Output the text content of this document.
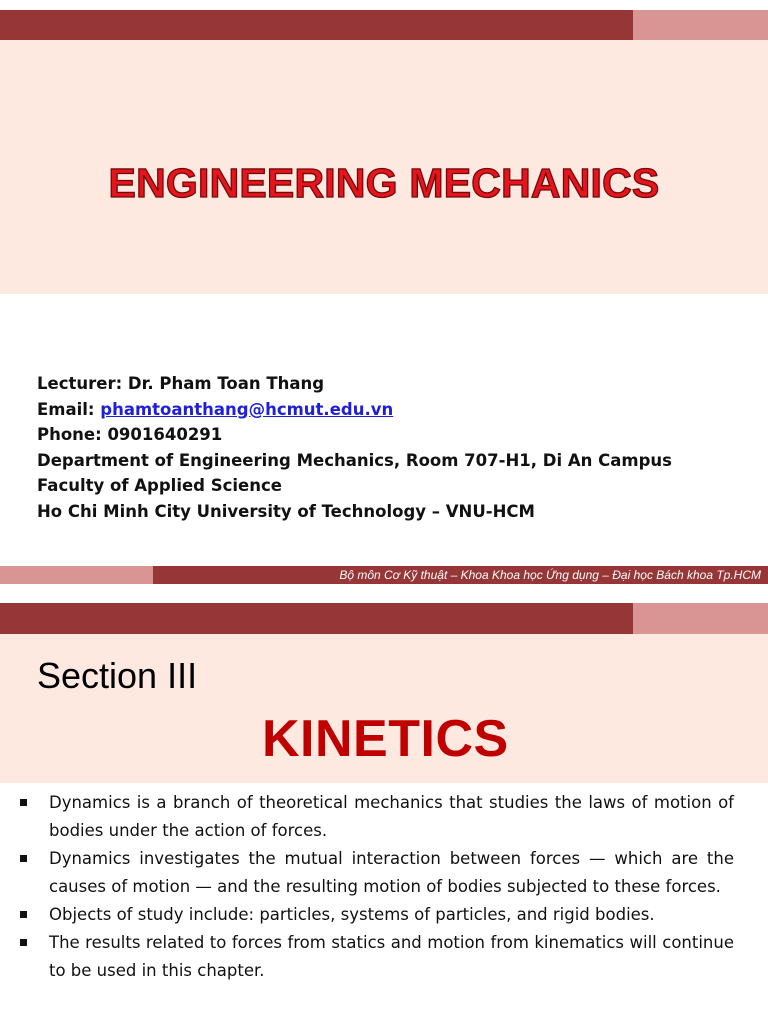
ENGINEERING MECHANICS
Lecturer: Dr. Pham Toan Thang
Email: phamtoanthang@hcmut.edu.vn
Phone: 0901640291
Department of Engineering Mechanics, Room 707-H1, Di An Campus
Faculty of Applied Science
Ho Chi Minh City University of Technology – VNU-HCM
Bộ môn Cơ Kỹ thuật – Khoa Khoa học Ứng dụng – Đại học Bách khoa Tp.HCM
Section III
KINETICS
Dynamics is a branch of theoretical mechanics that studies the laws of motion of bodies under the action of forces.
Dynamics investigates the mutual interaction between forces — which are the causes of motion — and the resulting motion of bodies subjected to these forces.
Objects of study include: particles, systems of particles, and rigid bodies.
The results related to forces from statics and motion from kinematics will continue to be used in this chapter.
